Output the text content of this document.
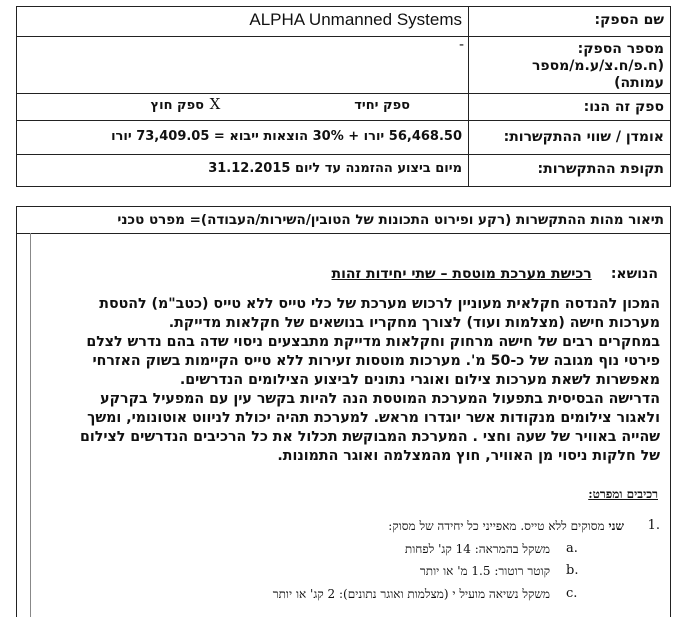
שם הספק:
ALPHA Unmanned Systems
מספר הספק:
(ח.פ/ח.צ/ע.מ/מספר
עמותה)
-
ספק זה הנו:
ספק יחיד
X
ספק חוץ
אומדן / שווי ההתקשרות:
56,468.50 יורו + 30% הוצאות ייבוא = 73,409.05 יורו
תקופת ההתקשרות:
מיום ביצוע ההזמנה עד ליום 31.12.2015
תיאור מהות ההתקשרות (רקע ופירוט התכונות של הטובין/השירות/העבודה)= מפרט טכני
הנושא: רכישת מערכת מוטסת – שתי יחידות זהות
המכון להנדסה חקלאית מעוניין לרכוש מערכת של כלי טייס ללא טייס (כטב"מ) להטסת
מערכות חישה (מצלמות ועוד) לצורך מחקריו בנושאים של חקלאות מדייקת.
במחקרים רבים של חישה מרחוק וחקלאות מדייקת מתבצעים ניסוי שדה בהם נדרש לצלם
פירטי נוף מגובה של כ-50 מ'. מערכות מוטסות זעירות ללא טייס הקיימות בשוק האזרחי
מאפשרות לשאת מערכות צילום ואוגרי נתונים לביצוע הצילומים הנדרשים.
הדרישה הבסיסית בתפעול המערכת המוטסת הנה להיות בקשר עין עם המפעיל בקרקע
ולאגור צילומים מנקודות אשר יוגדרו מראש. למערכת תהיה יכולת לניווט אוטונומי, ומשך
שהייה באוויר של שעה וחצי . המערכת המבוקשת תכלול את כל הרכיבים הנדרשים לצילום
של חלקות ניסוי מן האוויר, חוץ מהמצלמה ואוגר התמונות.
רכיבים ומפרט:
1.
שני מסוקים ללא טייס. מאפייני כל יחידה של מסוק:
a.
משקל בהמראה: 14 קג' לפחות
b.
קוטר רוטור: 1.5 מ' או יותר
c.
משקל נשיאה מועיל י (מצלמות ואוגר נתונים): 2 קג' או יותר
